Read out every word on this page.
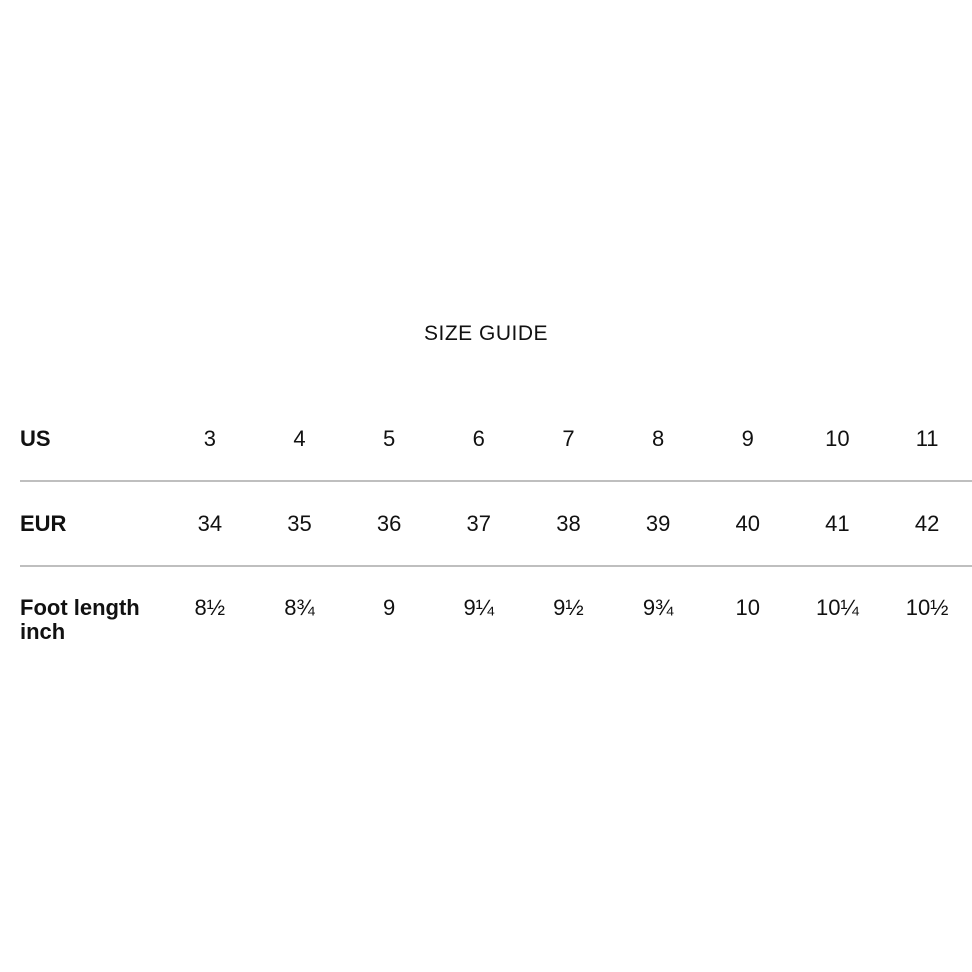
SIZE GUIDE
US	3	4	5	6	7	8	9	10	11
EUR	34	35	36	37	38	39	40	41	42
Foot length inch	8½	8¾	9	9¼	9½	9¾	10	10¼	10½
